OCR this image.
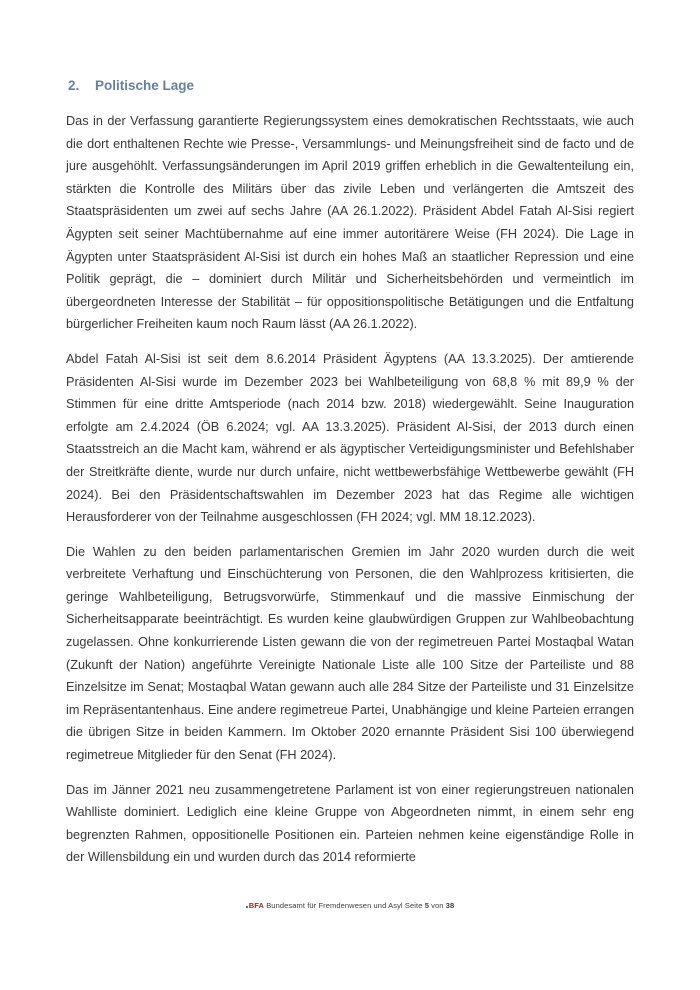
2.	Politische Lage

Das in der Verfassung garantierte Regierungssystem eines demokratischen Rechtsstaats, wie auch die dort enthaltenen Rechte wie Presse-, Versammlungs- und Meinungsfreiheit sind de facto und de jure ausgehöhlt. Verfassungsänderungen im April 2019 griffen erheblich in die Gewaltenteilung ein, stärkten die Kontrolle des Militärs über das zivile Leben und verlängerten die Amtszeit des Staatspräsidenten um zwei auf sechs Jahre (AA 26.1.2022). Präsident Abdel Fatah Al-Sisi regiert Ägypten seit seiner Machtübernahme auf eine immer autoritärere Weise (FH 2024). Die Lage in Ägypten unter Staatspräsident Al-Sisi ist durch ein hohes Maß an staatlicher Repression und eine Politik geprägt, die – dominiert durch Militär und Sicherheitsbehörden und vermeintlich im übergeordneten Interesse der Stabilität – für oppositionspolitische Betätigungen und die Entfaltung bürgerlicher Freiheiten kaum noch Raum lässt (AA 26.1.2022).

Abdel Fatah Al-Sisi ist seit dem 8.6.2014 Präsident Ägyptens (AA 13.3.2025). Der amtierende Präsidenten Al-Sisi wurde im Dezember 2023 bei Wahlbeteiligung von 68,8 % mit 89,9 % der Stimmen für eine dritte Amtsperiode (nach 2014 bzw. 2018) wiedergewählt. Seine Inauguration erfolgte am 2.4.2024 (ÖB 6.2024; vgl. AA 13.3.2025). Präsident Al-Sisi, der 2013 durch einen Staatsstreich an die Macht kam, während er als ägyptischer Verteidigungsminister und Befehlshaber der Streitkräfte diente, wurde nur durch unfaire, nicht wettbewerbsfähige Wettbewerbe gewählt (FH 2024). Bei den Präsidentschaftswahlen im Dezember 2023 hat das Regime alle wichtigen Herausforderer von der Teilnahme ausgeschlossen (FH 2024; vgl. MM 18.12.2023).

Die Wahlen zu den beiden parlamentarischen Gremien im Jahr 2020 wurden durch die weit verbreitete Verhaftung und Einschüchterung von Personen, die den Wahlprozess kritisierten, die geringe Wahlbeteiligung, Betrugsvorwürfe, Stimmenkauf und die massive Einmischung der Sicherheitsapparate beeinträchtigt. Es wurden keine glaubwürdigen Gruppen zur Wahlbeobachtung zugelassen. Ohne konkurrierende Listen gewann die von der regimetreuen Partei Mostaqbal Watan (Zukunft der Nation) angeführte Vereinigte Nationale Liste alle 100 Sitze der Parteiliste und 88 Einzelsitze im Senat; Mostaqbal Watan gewann auch alle 284 Sitze der Parteiliste und 31 Einzelsitze im Repräsentantenhaus. Eine andere regimetreue Partei, Unabhängige und kleine Parteien errangen die übrigen Sitze in beiden Kammern. Im Oktober 2020 ernannte Präsident Sisi 100 überwiegend regimetreue Mitglieder für den Senat (FH 2024).

Das im Jänner 2021 neu zusammengetretene Parlament ist von einer regierungstreuen nationalen Wahlliste dominiert. Lediglich eine kleine Gruppe von Abgeordneten nimmt, in einem sehr eng begrenzten Rahmen, oppositionelle Positionen ein. Parteien nehmen keine eigenständige Rolle in der Willensbildung ein und wurden durch das 2014 reformierte

BFA Bundesamt für Fremdenwesen und Asyl Seite 5 von 38
